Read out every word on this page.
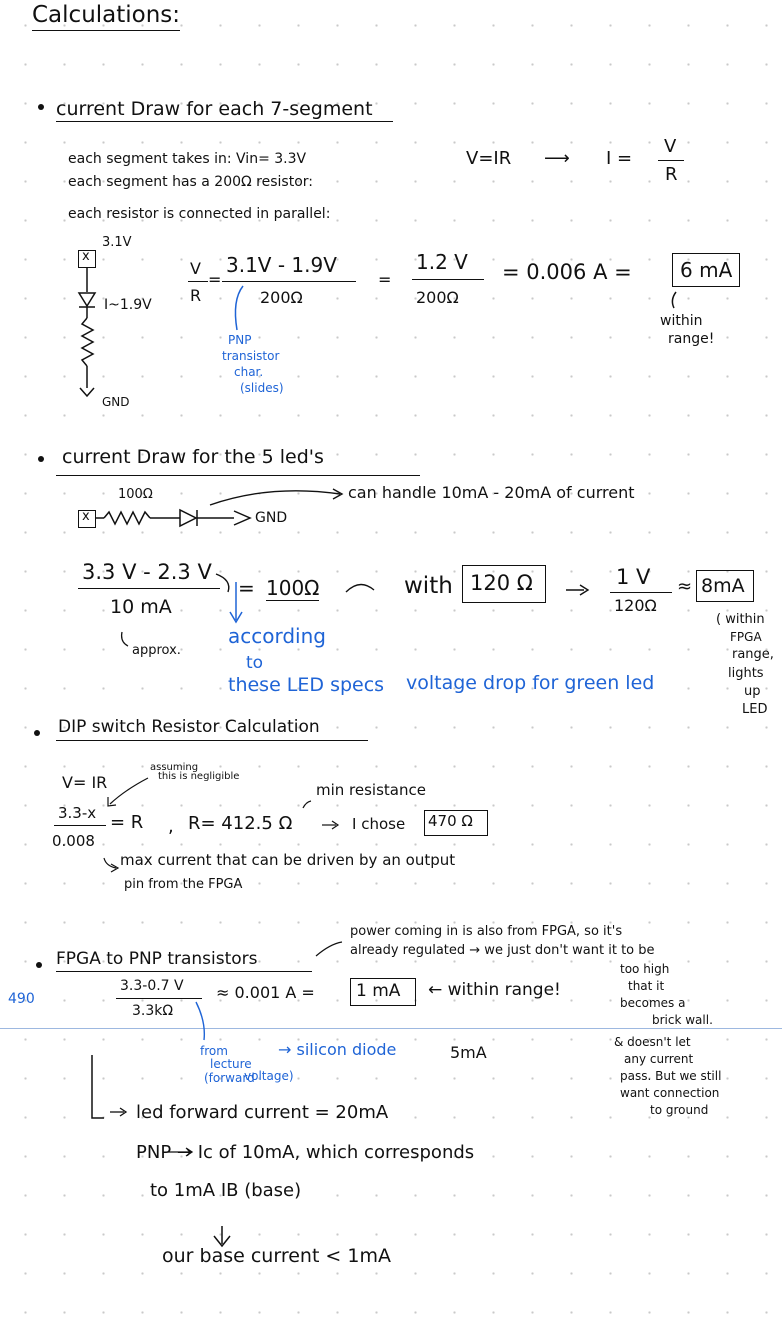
Calculations:
current Draw for each 7-segment
each segment takes in: Vin= 3.3V
each segment has a 200Ω resistor:
each resistor is connected in parallel:
V=IR ⟶ I =
V
R
x
3.1V
I~1.9V
GND
V
R
=
3.1V - 1.9V
200Ω
=
1.2 V
200Ω
= 0.006 A = 6 mA
within
range!
PNP
transistor
char.
(slides)
current Draw for the 5 led's
100Ω
x	GND
can handle 10mA - 20mA of current
3.3 V - 2.3 V
10 mA
approx.
= 100Ω	with 120 Ω	1 V
120Ω
≈ 8mA
according
to
these LED specs voltage drop for green led
( within
FPGA
range,
lights
up
LED
DIP switch Resistor Calculation
V= IR
assuming
this is negligible
3.3-x
0.008
= R , R= 412.5 Ω
min resistance
I chose 470 Ω
max current that can be driven by an output
pin from the FPGA
FPGA to PNP transistors
power coming in is also from FPGA, so it's
already regulated → we just don't want it to be
too high
that it
becomes a
brick wall.
490
3.3-0.7 V
3.3kΩ
≈ 0.001 A = 1 mA ← within range!
from
lecture
(forward
voltage)
→ silicon diode	5mA
& doesn't let
any current
pass. But we still
want connection
to ground
led forward current = 20mA
PNP → Ic of 10mA, which corresponds
to 1mA IB (base)
our base current < 1mA
